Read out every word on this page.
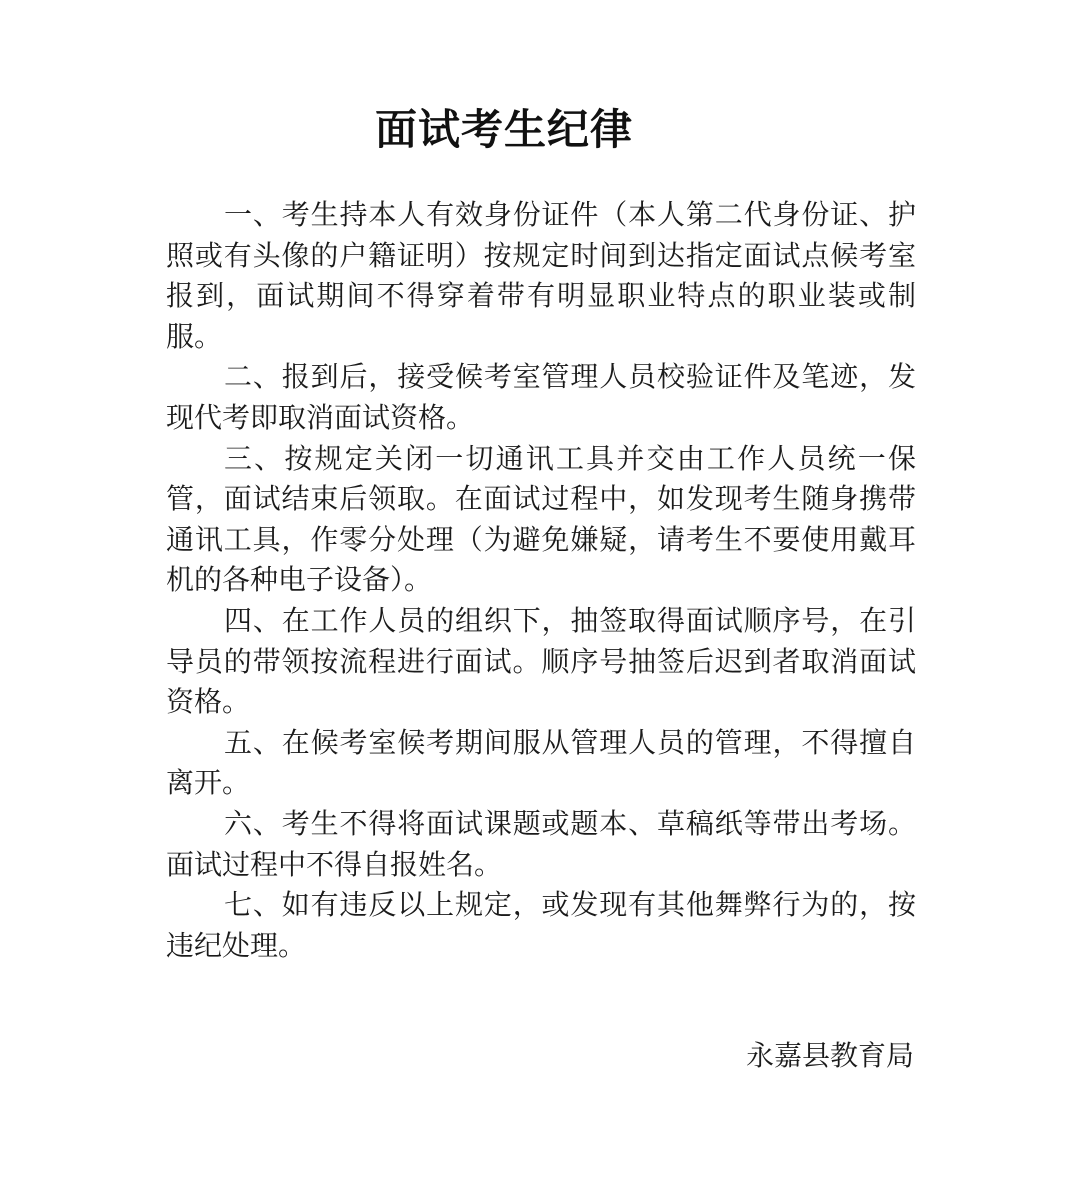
面试考生纪律

一、考生持本人有效身份证件（本人第二代身份证、护照或有头像的户籍证明）按规定时间到达指定面试点候考室报到，面试期间不得穿着带有明显职业特点的职业装或制服。

二、报到后，接受候考室管理人员校验证件及笔迹，发现代考即取消面试资格。

三、按规定关闭一切通讯工具并交由工作人员统一保管，面试结束后领取。在面试过程中，如发现考生随身携带通讯工具，作零分处理（为避免嫌疑，请考生不要使用戴耳机的各种电子设备）。

四、在工作人员的组织下，抽签取得面试顺序号，在引导员的带领按流程进行面试。顺序号抽签后迟到者取消面试资格。

五、在候考室候考期间服从管理人员的管理，不得擅自离开。

六、考生不得将面试课题或题本、草稿纸等带出考场。面试过程中不得自报姓名。

七、如有违反以上规定，或发现有其他舞弊行为的，按违纪处理。

永嘉县教育局
